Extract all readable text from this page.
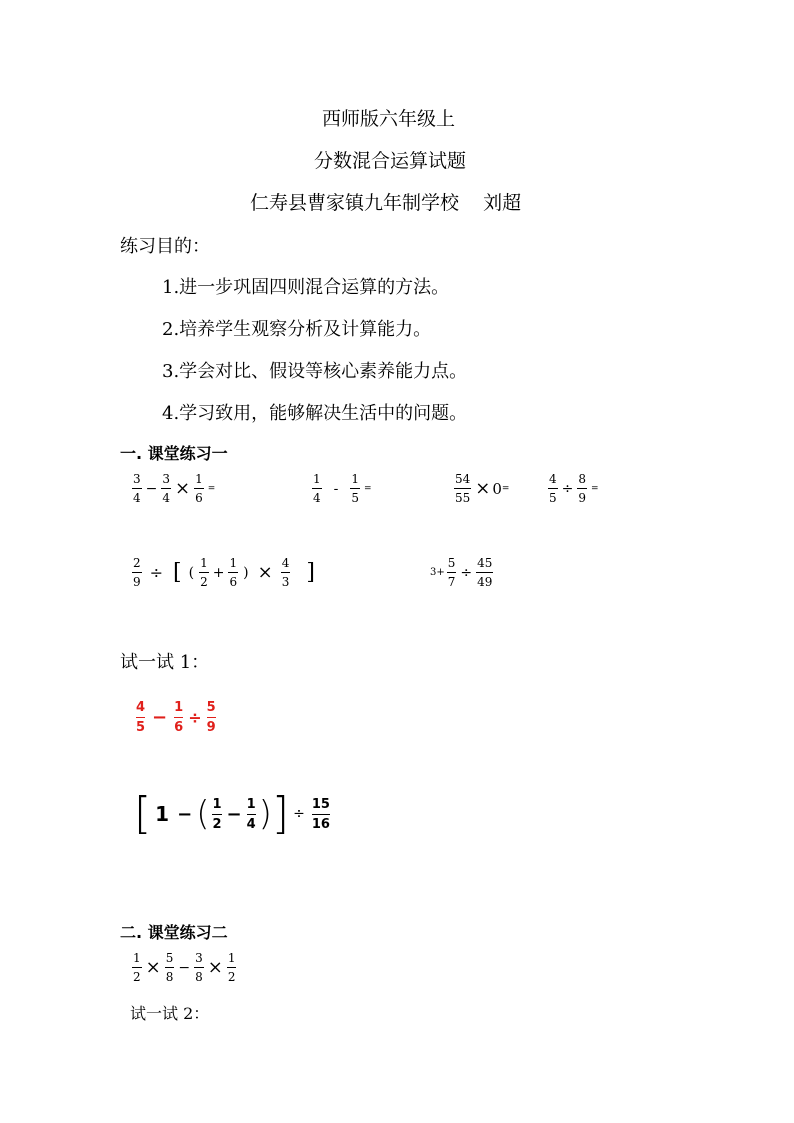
西师版六年级上
分数混合运算试题
仁寿县曹家镇九年制学校    刘超
练习目的：
1.进一步巩固四则混合运算的方法。
2.培养学生观察分析及计算能力。
3.学会对比、假设等核心素养能力点。
4.学习致用，能够解决生活中的问题。
一. 课堂练习一
$\frac{3}{4} - \frac{3}{4} \times \frac{1}{6}$ =	$\frac{1}{4} - \frac{1}{5}$ =	$\frac{54}{55} \times 0$ =	$\frac{4}{5} \div \frac{8}{9}$ =
$\frac{2}{9}$ ÷ [ ( $\frac{1}{2} + \frac{1}{6}$ ) × $\frac{4}{3}$ ]	$3+ \frac{5}{7} \div \frac{45}{49}$
试一试 1：
$\frac{4}{5} - \frac{1}{6} \div \frac{5}{9}$
[ 1 − ( $\frac{1}{2} - \frac{1}{4}$ ) ] ÷ $\frac{15}{16}$
二. 课堂练习二
$\frac{1}{2} \times \frac{5}{8} - \frac{3}{8} \times \frac{1}{2}$
试一试 2：
